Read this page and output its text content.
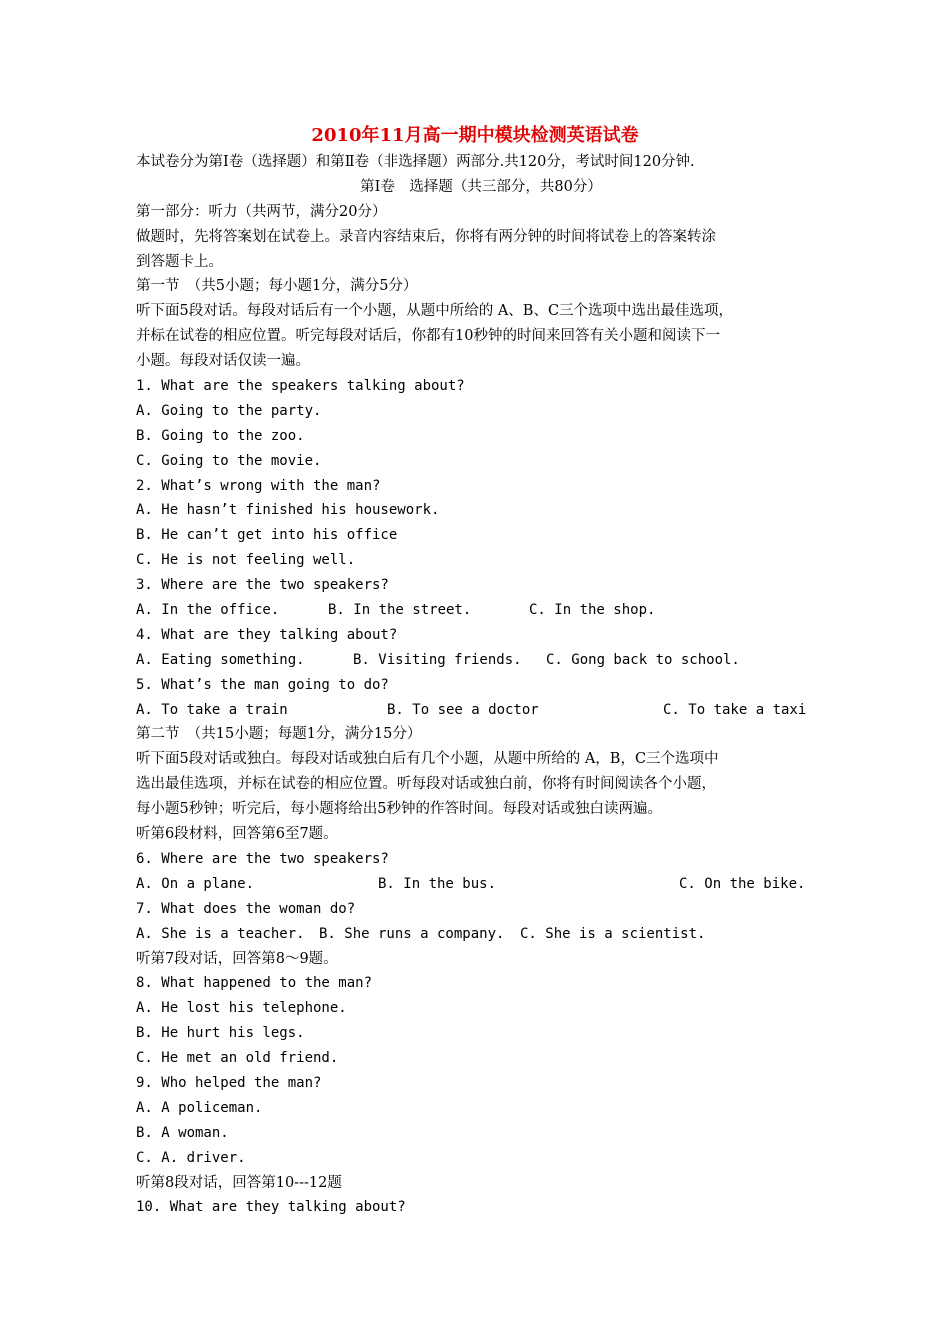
2010年11月高一期中模块检测英语试卷
本试卷分为第Ⅰ卷（选择题）和第Ⅱ卷（非选择题）两部分.共120分，考试时间120分钟.
第Ⅰ卷　选择题（共三部分，共80分）
第一部分：听力（共两节，满分20分）
做题时，先将答案划在试卷上。录音内容结束后，你将有两分钟的时间将试卷上的答案转涂
到答题卡上。
第一节　（共5小题；每小题1分，满分5分）
听下面5段对话。每段对话后有一个小题，从题中所给的 A、B、C三个选项中选出最佳选项，
并标在试卷的相应位置。听完每段对话后，你都有10秒钟的时间来回答有关小题和阅读下一
小题。每段对话仅读一遍。
1. What are the speakers talking about?
A. Going to the party.
B. Going to the zoo.
C. Going to the movie.
2. What’s wrong with the man?
A. He hasn’t finished his housework.
B. He can’t get into his office
C. He is not feeling well.
3. Where are the two speakers?
A. In the office.	B. In the street.	C. In the shop.
4. What are they talking about?
A. Eating something.	B. Visiting friends. C. Gong back to school.
5. What’s the man going to do?
A. To take a train	B. To see a doctor	C. To take a taxi
第二节　（共15小题；每题1分，满分15分）
听下面5段对话或独白。每段对话或独白后有几个小题，从题中所给的 A，B，C三个选项中
选出最佳选项，并标在试卷的相应位置。听每段对话或独白前，你将有时间阅读各个小题，
每小题5秒钟；听完后，每小题将给出5秒钟的作答时间。每段对话或独白读两遍。
听第6段材料，回答第6至7题。
6. Where are the two speakers?
A. On a plane.	B. In the bus.	C. On the bike.
7. What does the woman do?
A. She is a teacher. B. She runs a company. C. She is a scientist.
听第7段对话，回答第8～9题。
8. What happened to the man?
A. He lost his telephone.
B. He hurt his legs.
C. He met an old friend.
9. Who helped the man?
A. A policeman.
B. A woman.
C. A. driver.
听第8段对话，回答第10---12题
10. What are they talking about?
